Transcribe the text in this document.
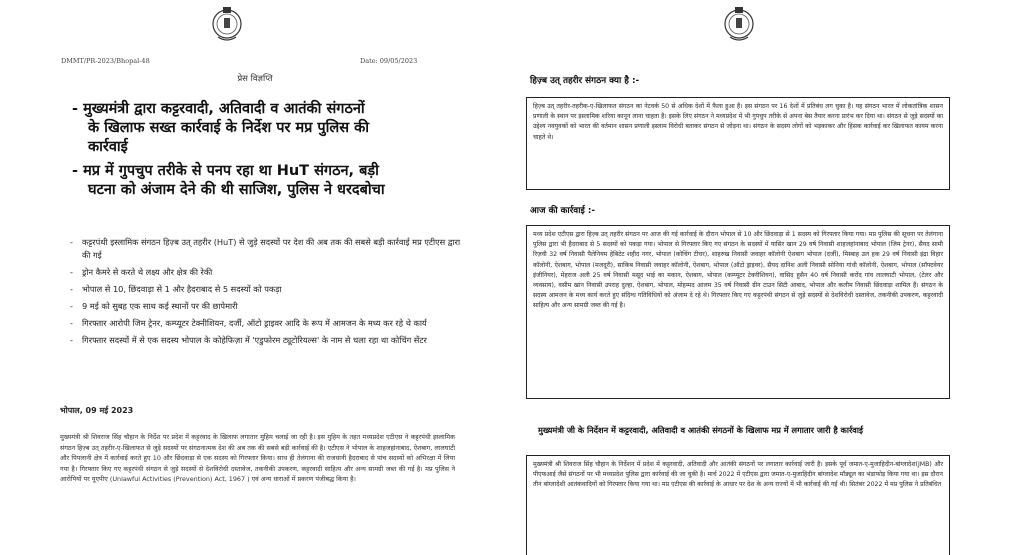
DMMT/PR-2023/Bhopal-48	Date: 09/05/2023
प्रेस विज्ञप्ति
- मुख्यमंत्री द्वारा कट्टरवादी, अतिवादी व आतंकी संगठनों
के खिलाफ सख्त कार्रवाई के निर्देश पर मप्र पुलिस की
कार्रवाई
- मप्र में गुपचुप तरीके से पनप रहा था HuT संगठन, बड़ी
घटना को अंजाम देने की थी साजिश, पुलिस ने धरदबोचा
-	कट्टरपंथी इस्लामिक संगठन हिज़्ब उत् तहरीर (HuT) से जुड़े सदस्यों पर देश की अब तक की सबसे बड़ी कार्रवाई मप्र एटीएस द्वारा की गई
-	ड्रोन कैमरे से करते थे लक्ष्य और क्षेत्र की रेकी
-	भोपाल से 10, छिंदवाड़ा से 1 और हैदराबाद से 5 सदस्यों को पकड़ा
-	9 मई को सुबह एक साथ कई स्थानों पर की छापेमारी
-	गिरफ्तार आरोपी जिम ट्रेनर, कम्प्यूटर टेक्नीशियन, दर्जी, ऑटो ड्राइवर आदि के रूप में आमजन के मध्य कर रहे थे कार्य
-	गिरफ्तार सदस्यों में से एक सदस्य भोपाल के कोहेफिज़ा में 'एडुफोरम ट्यूटोरियल्स' के नाम से चला रहा था कोचिंग सेंटर
भोपाल, 09 मई 2023
मुख्यमंत्री श्री शिवराज सिंह चौहान के निर्देश पर प्रदेश में कट्टरवाद के खिलाफ लगातार मुहिम चलाई जा रही है। इस मुहिम के तहत मध्यप्रदेश एटीएस ने कट्टरपंथी इस्लामिक संगठन हिज़्ब उत् तहरीर-ए-खिलाफत से जुड़े सदस्यों पर संगठनात्मक देश की अब तक की सबसे बड़ी कार्रवाई की है। एटीएस ने भोपाल के शाहजहांनाबाद, ऐशबाग, लालघाटी और पिपलानी क्षेत्र में कार्रवाई करते हुए 10 और छिंदवाड़ा से एक सदस्य को गिरफ्तार किया। साथ ही तेलंगाना की राजधानी हैदराबाद से पांच सदस्यों को अभिरक्षा में लिया गया है। गिरफ्तार किए गए कट्टरपंथी संगठन से जुड़े सदस्यों से देशविरोधी दस्तावेज, तकनीकी उपकरण, कट्टरवादी साहित्य और अन्य सामग्री जब्त की गई है। मप्र पुलिस ने आरोपियों पर यूएपीए (Unlawful Activities (Prevention) Act, 1967 ) एवं अन्य धाराओं में प्रकरण पंजीबद्ध किया है।
हिज़्ब उत् तहरीर संगठन क्या है :-
हिज़्ब उत् तहरीर-तहरीक-ए-खिलाफत संगठन का नेटवर्क 50 से अधिक देशों में फैला हुआ है। इस संगठन पर 16 देशों में प्रतिबंध लग चुका है। यह संगठन भारत में लोकतांत्रिक शासन प्रणाली के स्थान पर इस्लामिक शरिया कानून लाना चाहता है। इसके लिए संगठन ने मध्यप्रदेश में भी गुपचुप तरीके से अपना बेस तैयार करना प्रारंभ कर दिया था। संगठन से जुड़े सदस्यों का उद्देश्य नवयुवकों को भारत की वर्तमान शासन प्रणाली इस्लाम विरोधी बताकर संगठन से जोड़ना था। संगठन के सदस्य लोगों को भड़काकर और हिंसक कार्रवाई कर खिलाफत कायम करना चाहते थे।
आज की कार्रवाई :-
मध्य प्रदेश एटीएस द्वारा हिज़्ब उत् तहरीर संगठन पर आज की गई कार्रवाई के दौरान भोपाल से 10 और छिंदवाड़ा से 1 सदस्य को गिरफ्तार किया गया। मप्र पुलिस की सूचना पर तेलंगाना पुलिस द्वारा भी हैदराबाद से 5 सदस्यों को पकड़ा गया। भोपाल से गिरफ्तार किए गए संगठन के सदस्यों में यासिर खान 29 वर्ष निवासी शाहजहांनाबाद भोपाल (जिम ट्रेनर), सैयद सामी रिज़वी 32 वर्ष निवासी पैलेनियम हेबिटेट शहीद नगर, भोपाल (कोचिंग टीचर), शाहरुख निवासी जवाहर कॉलोनी ऐशबाग भोपाल (दर्जी), मिस्बाह उल हक 29 वर्ष निवासी इंद्रा विहार कॉलोनी, ऐशबाग, भोपाल (मजदूरी), साकिब निवासी जवाहर कॉलोनी, ऐशबाग, भोपाल (ऑटो ड्राइवर), सैयद दानिश अली निवासी सोनिया गांधी कॉलोनी, ऐशबाग, भोपाल (सॉफ्टवेयर इंजीनियर), मेहराज अली 25 वर्ष निवासी मसूद भाई का मकान, ऐशबाग, भोपाल (कम्प्यूटर टेक्नीशियन), वासिद हुसैन 40 वर्ष निवासी करोंद गांव लालघाटी भोपाल, (टेलर और व्यवसाय), वसीम खान निवासी उपराह दुल्हा, ऐशबाग, भोपाल, मोहम्मद आलम 35 वर्ष निवासी ग्रीन टाउन सिटी आबाद, भोपाल और कलीम निवासी छिंदवाड़ा शामिल हैं। संगठन के सदस्य आमजन के मध्य कार्य करते हुए संदिग्ध गतिविधियों को अंजाम दे रहे थे। गिरफ्तार किए गए कट्टरपंथी संगठन से जुड़े सदस्यों से देशविरोधी दस्तावेज, तकनीकी उपकरण, कट्टरवादी साहित्य और अन्य सामग्री जब्त की गई है।
मुख्यमंत्री जी के निर्देशन में कट्टरवादी, अतिवादी व आतंकी संगठनों के खिलाफ मप्र में लगातार जारी है कार्रवाई
मुख्यमंत्री श्री शिवराज सिंह चौहान के निर्देशन में प्रदेश में कट्टरवादी, अतिवादी और आतंकी संगठनों पर लगातार कार्रवाई जारी है। इसके पूर्व जमात-ए-मुजाहिदीन-बांग्लादेश(JMB) और पीएफआई जैसे संगठनों पर भी मध्यप्रदेश पुलिस द्वारा कार्रवाई की जा चुकी है। मार्च 2022 में एटीएस द्वारा जमात-ए-मुजाहिदीन बांग्लादेश मॉड्यूल का भंडाफोड़ किया गया था। इस दौरान तीन बांग्लादेशी आतंकवादियों को गिरफ्तार किया गया था। मप्र एटीएस की कार्रवाई के आधार पर देश के अन्य राज्यों में भी कार्रवाई की गई थी। सितंबर 2022 में मप्र पुलिस ने प्रतिबंधित
